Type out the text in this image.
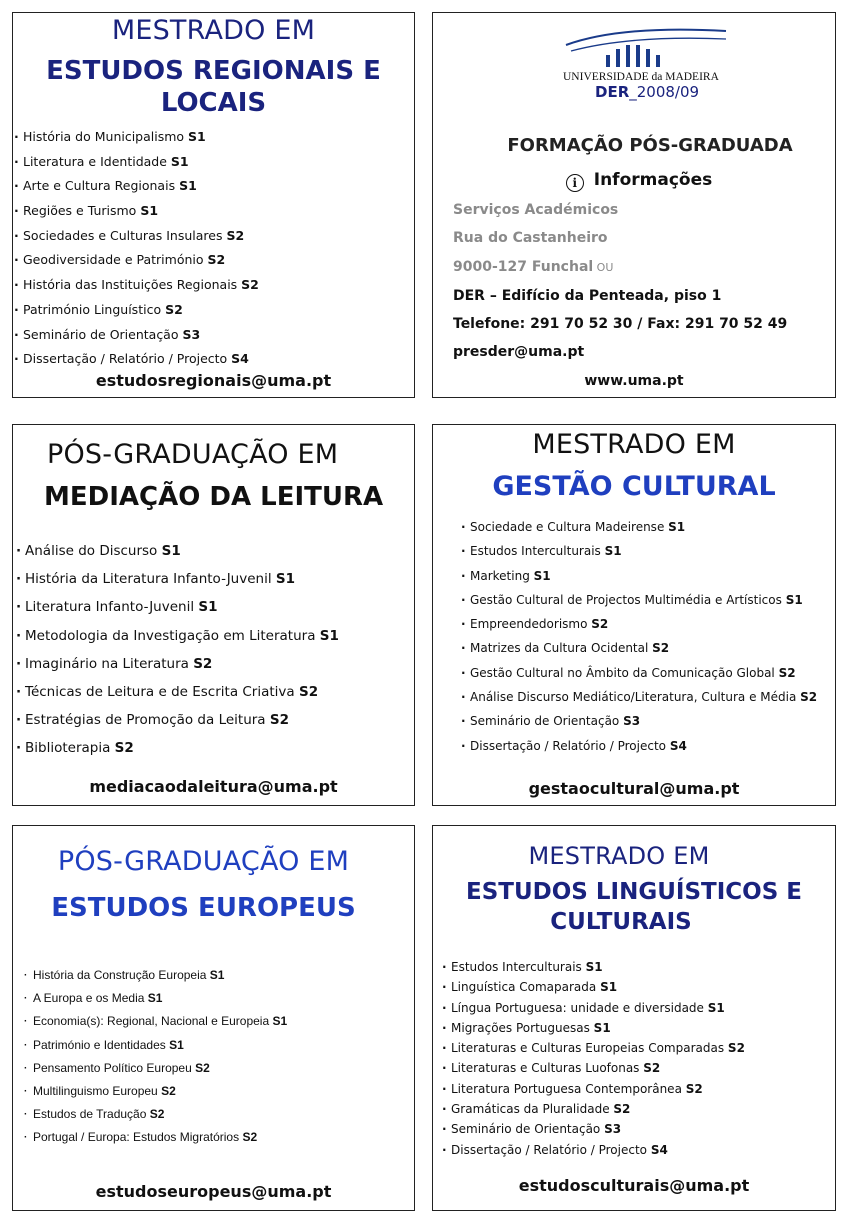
MESTRADO EM
ESTUDOS REGIONAIS E
LOCAIS
· História do Municipalismo S1
· Literatura e Identidade S1
· Arte e Cultura Regionais S1
· Regiões e Turismo S1
· Sociedades e Culturas Insulares S2
· Geodiversidade e Património S2
· História das Instituições Regionais S2
· Património Linguístico S2
· Seminário de Orientação S3
· Dissertação / Relatório / Projecto S4
estudosregionais@uma.pt
UNIVERSIDADE da MADEIRA
DER_2008/09
FORMAÇÃO PÓS-GRADUADA
i Informações
Serviços Académicos
Rua do Castanheiro
9000-127 Funchal OU
DER – Edifício da Penteada, piso 1
Telefone: 291 70 52 30 / Fax: 291 70 52 49
presder@uma.pt
www.uma.pt
PÓS-GRADUAÇÃO EM
MEDIAÇÃO DA LEITURA
· Análise do Discurso S1
· História da Literatura Infanto-Juvenil S1
· Literatura Infanto-Juvenil S1
· Metodologia da Investigação em Literatura S1
· Imaginário na Literatura S2
· Técnicas de Leitura e de Escrita Criativa S2
· Estratégias de Promoção da Leitura S2
· Biblioterapia S2
mediacaodaleitura@uma.pt
MESTRADO EM
GESTÃO CULTURAL
· Sociedade e Cultura Madeirense S1
· Estudos Interculturais S1
· Marketing S1
· Gestão Cultural de Projectos Multimédia e Artísticos S1
· Empreendedorismo S2
· Matrizes da Cultura Ocidental S2
· Gestão Cultural no Âmbito da Comunicação Global S2
· Análise Discurso Mediático/Literatura, Cultura e Média S2
· Seminário de Orientação S3
· Dissertação / Relatório / Projecto S4
gestaocultural@uma.pt
PÓS-GRADUAÇÃO EM
ESTUDOS EUROPEUS
· História da Construção Europeia S1
· A Europa e os Media S1
· Economia(s): Regional, Nacional e Europeia S1
· Património e Identidades S1
· Pensamento Político Europeu S2
· Multilinguismo Europeu S2
· Estudos de Tradução S2
· Portugal / Europa: Estudos Migratórios S2
estudoseuropeus@uma.pt
MESTRADO EM
ESTUDOS LINGUÍSTICOS E
CULTURAIS
· Estudos Interculturais S1
· Linguística Comaparada S1
· Língua Portuguesa: unidade e diversidade S1
· Migrações Portuguesas S1
· Literaturas e Culturas Europeias Comparadas S2
· Literaturas e Culturas Luofonas S2
· Literatura Portuguesa Contemporânea S2
· Gramáticas da Pluralidade S2
· Seminário de Orientação S3
· Dissertação / Relatório / Projecto S4
estudosculturais@uma.pt
